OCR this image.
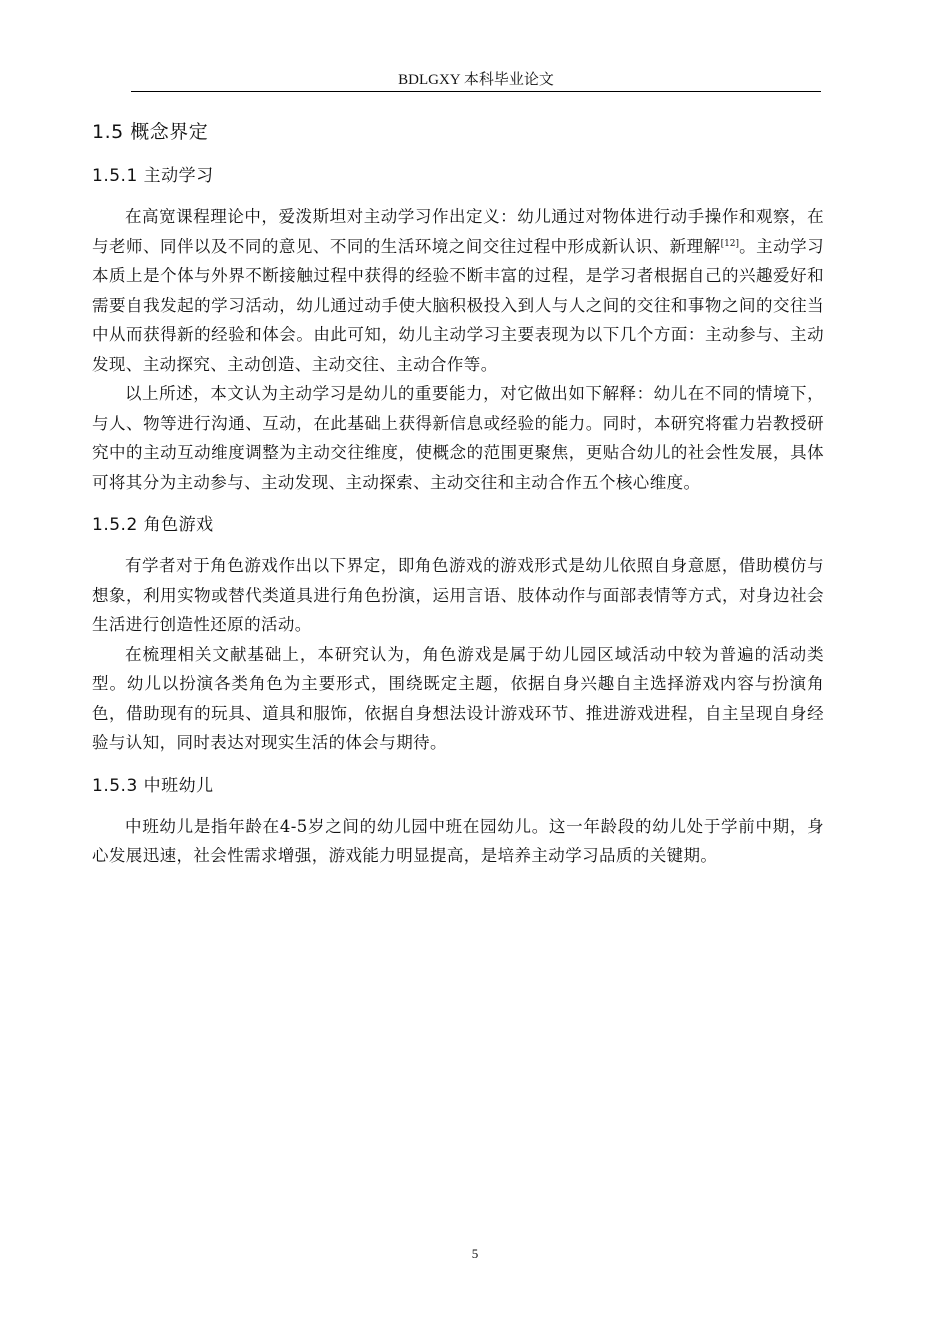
BDLGXY 本科毕业论文
1.5 概念界定
1.5.1 主动学习

在高宽课程理论中，爱泼斯坦对主动学习作出定义：幼儿通过对物体进行动手操作和观察，在与老师、同伴以及不同的意见、不同的生活环境之间交往过程中形成新认识、新理解[12]。主动学习本质上是个体与外界不断接触过程中获得的经验不断丰富的过程，是学习者根据自己的兴趣爱好和需要自我发起的学习活动，幼儿通过动手使大脑积极投入到人与人之间的交往和事物之间的交往当中从而获得新的经验和体会。由此可知，幼儿主动学习主要表现为以下几个方面：主动参与、主动发现、主动探究、主动创造、主动交往、主动合作等。

以上所述，本文认为主动学习是幼儿的重要能力，对它做出如下解释：幼儿在不同的情境下，与人、物等进行沟通、互动，在此基础上获得新信息或经验的能力。同时，本研究将霍力岩教授研究中的主动互动维度调整为主动交往维度，使概念的范围更聚焦，更贴合幼儿的社会性发展，具体可将其分为主动参与、主动发现、主动探索、主动交往和主动合作五个核心维度。

1.5.2 角色游戏

有学者对于角色游戏作出以下界定，即角色游戏的游戏形式是幼儿依照自身意愿，借助模仿与想象，利用实物或替代类道具进行角色扮演，运用言语、肢体动作与面部表情等方式，对身边社会生活进行创造性还原的活动。

在梳理相关文献基础上，本研究认为，角色游戏是属于幼儿园区域活动中较为普遍的活动类型。幼儿以扮演各类角色为主要形式，围绕既定主题，依据自身兴趣自主选择游戏内容与扮演角色，借助现有的玩具、道具和服饰，依据自身想法设计游戏环节、推进游戏进程，自主呈现自身经验与认知，同时表达对现实生活的体会与期待。

1.5.3 中班幼儿

中班幼儿是指年龄在4-5岁之间的幼儿园中班在园幼儿。这一年龄段的幼儿处于学前中期，身心发展迅速，社会性需求增强，游戏能力明显提高，是培养主动学习品质的关键期。

5
